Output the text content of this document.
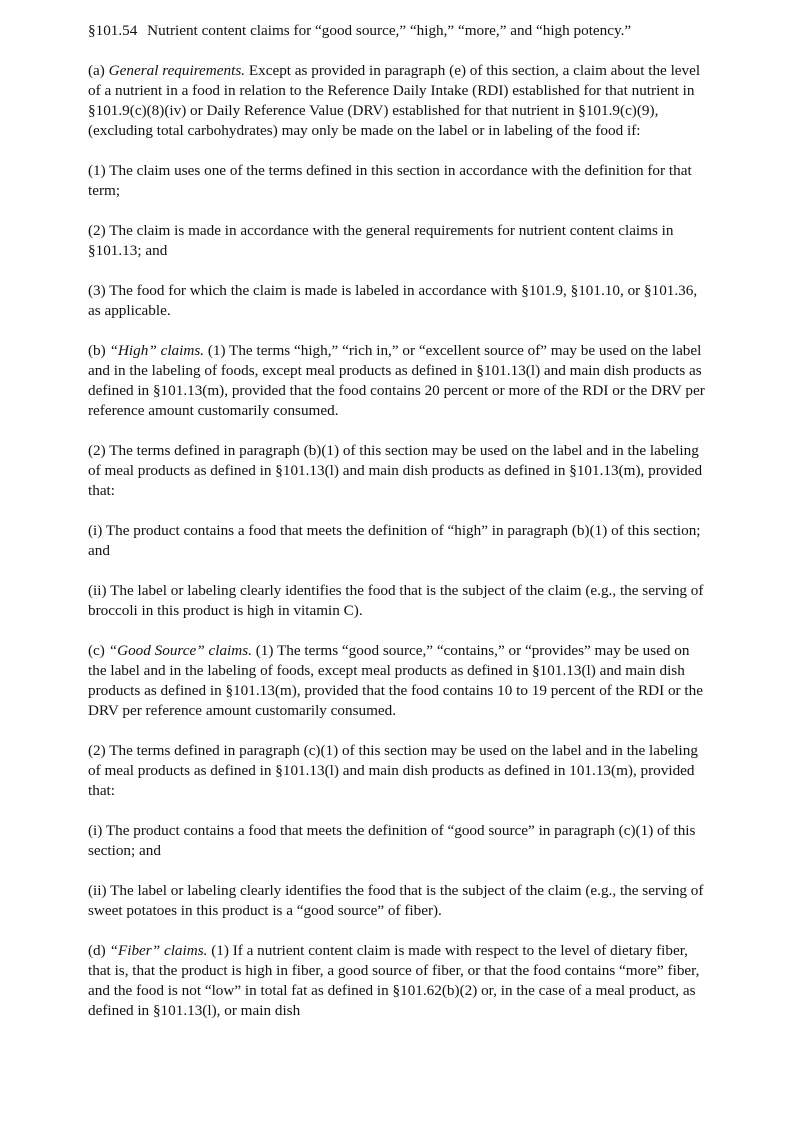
§101.54 Nutrient content claims for “good source,” “high,” “more,” and “high potency.”

(a) General requirements. Except as provided in paragraph (e) of this section, a claim about the level of a nutrient in a food in relation to the Reference Daily Intake (RDI) established for that nutrient in §101.9(c)(8)(iv) or Daily Reference Value (DRV) established for that nutrient in §101.9(c)(9), (excluding total carbohydrates) may only be made on the label or in labeling of the food if:

(1) The claim uses one of the terms defined in this section in accordance with the definition for that term;

(2) The claim is made in accordance with the general requirements for nutrient content claims in §101.13; and

(3) The food for which the claim is made is labeled in accordance with §101.9, §101.10, or §101.36, as applicable.

(b) “High” claims. (1) The terms “high,” “rich in,” or “excellent source of” may be used on the label and in the labeling of foods, except meal products as defined in §101.13(l) and main dish products as defined in §101.13(m), provided that the food contains 20 percent or more of the RDI or the DRV per reference amount customarily consumed.

(2) The terms defined in paragraph (b)(1) of this section may be used on the label and in the labeling of meal products as defined in §101.13(l) and main dish products as defined in §101.13(m), provided that:

(i) The product contains a food that meets the definition of “high” in paragraph (b)(1) of this section; and

(ii) The label or labeling clearly identifies the food that is the subject of the claim (e.g., the serving of broccoli in this product is high in vitamin C).

(c) “Good Source” claims. (1) The terms “good source,” “contains,” or “provides” may be used on the label and in the labeling of foods, except meal products as defined in §101.13(l) and main dish products as defined in §101.13(m), provided that the food contains 10 to 19 percent of the RDI or the DRV per reference amount customarily consumed.

(2) The terms defined in paragraph (c)(1) of this section may be used on the label and in the labeling of meal products as defined in §101.13(l) and main dish products as defined in 101.13(m), provided that:

(i) The product contains a food that meets the definition of “good source” in paragraph (c)(1) of this section; and

(ii) The label or labeling clearly identifies the food that is the subject of the claim (e.g., the serving of sweet potatoes in this product is a “good source” of fiber).

(d) “Fiber” claims. (1) If a nutrient content claim is made with respect to the level of dietary fiber, that is, that the product is high in fiber, a good source of fiber, or that the food contains “more” fiber, and the food is not “low” in total fat as defined in §101.62(b)(2) or, in the case of a meal product, as defined in §101.13(l), or main dish
